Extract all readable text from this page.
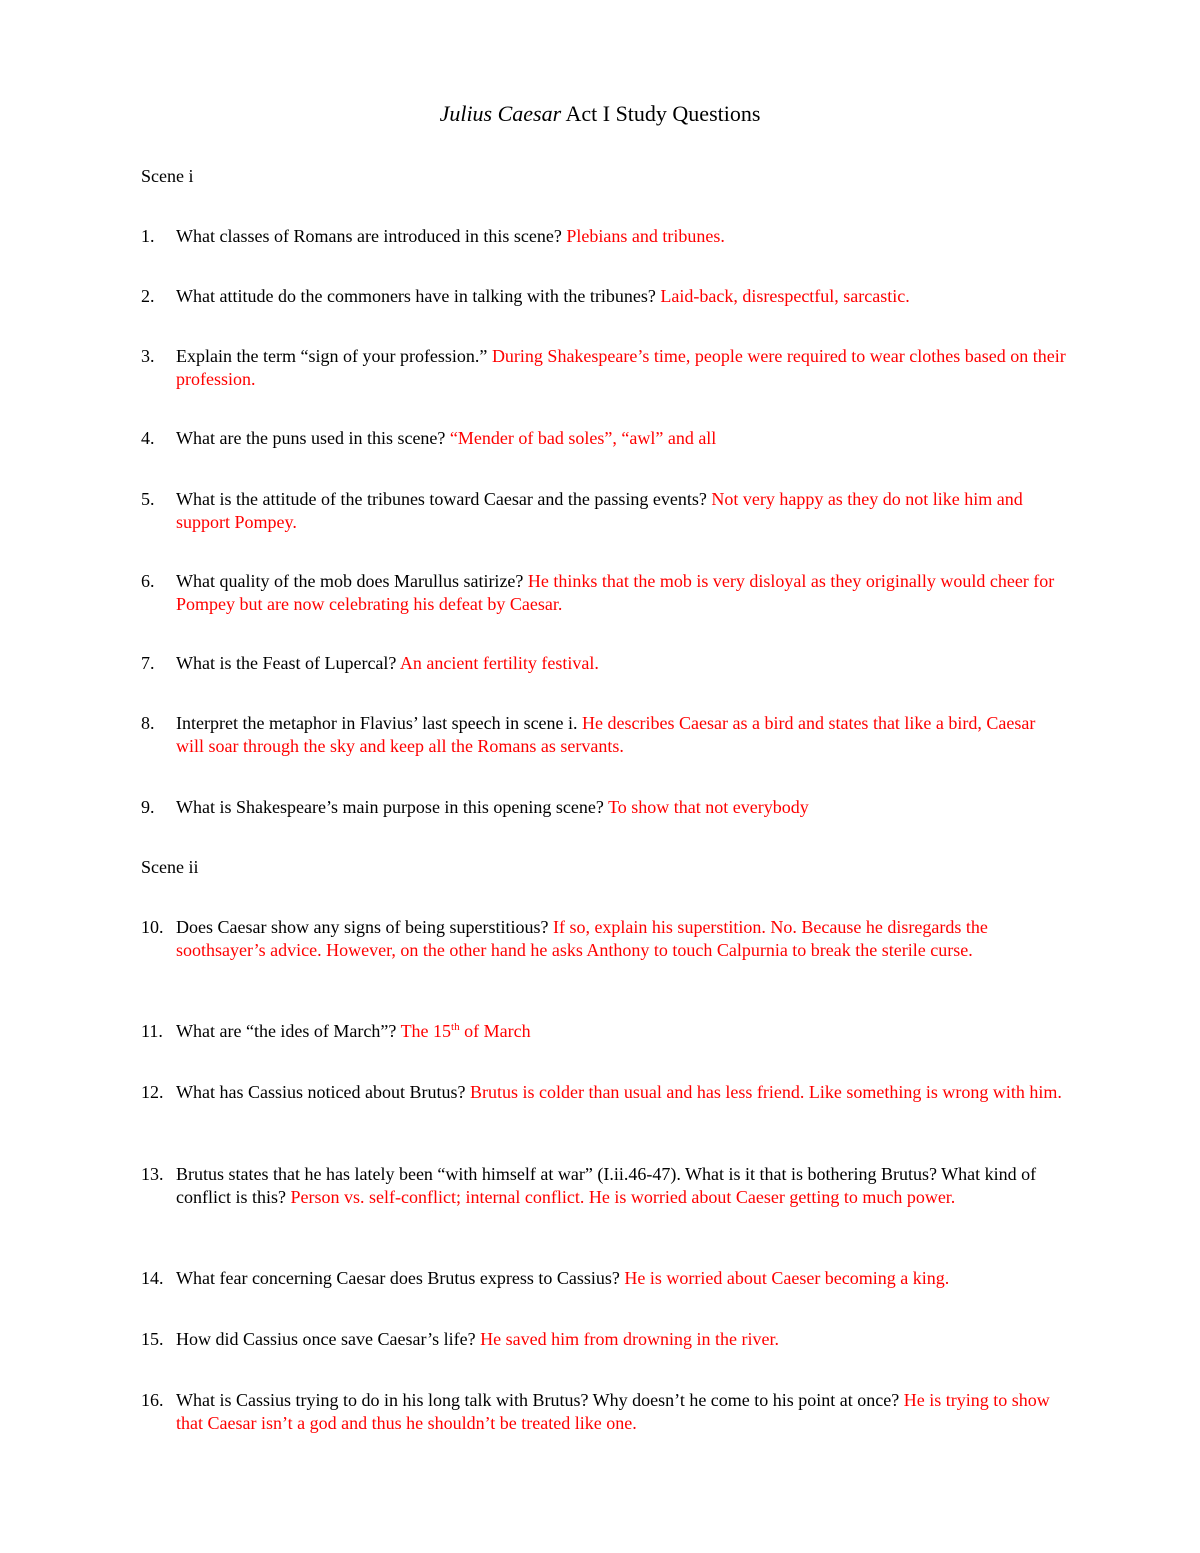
Julius Caesar Act I Study Questions
Scene i
1. What classes of Romans are introduced in this scene? Plebians and tribunes.
2. What attitude do the commoners have in talking with the tribunes? Laid-back, disrespectful, sarcastic.
3. Explain the term “sign of your profession.” During Shakespeare’s time, people were required to wear clothes based on their profession.
4. What are the puns used in this scene? “Mender of bad soles”, “awl” and all
5. What is the attitude of the tribunes toward Caesar and the passing events? Not very happy as they do not like him and support Pompey.
6. What quality of the mob does Marullus satirize? He thinks that the mob is very disloyal as they originally would cheer for Pompey but are now celebrating his defeat by Caesar.
7. What is the Feast of Lupercal? An ancient fertility festival.
8. Interpret the metaphor in Flavius’ last speech in scene i. He describes Caesar as a bird and states that like a bird, Caesar will soar through the sky and keep all the Romans as servants.
9. What is Shakespeare’s main purpose in this opening scene? To show that not everybody
Scene ii
10. Does Caesar show any signs of being superstitious? If so, explain his superstition. No. Because he disregards the soothsayer’s advice. However, on the other hand he asks Anthony to touch Calpurnia to break the sterile curse.
11. What are “the ides of March”? The 15th of March
12. What has Cassius noticed about Brutus? Brutus is colder than usual and has less friend. Like something is wrong with him.
13. Brutus states that he has lately been “with himself at war” (I.ii.46-47). What is it that is bothering Brutus? What kind of conflict is this? Person vs. self-conflict; internal conflict. He is worried about Caeser getting to much power.
14. What fear concerning Caesar does Brutus express to Cassius? He is worried about Caeser becoming a king.
15. How did Cassius once save Caesar’s life? He saved him from drowning in the river.
16. What is Cassius trying to do in his long talk with Brutus? Why doesn’t he come to his point at once? He is trying to show that Caesar isn’t a god and thus he shouldn’t be treated like one.
